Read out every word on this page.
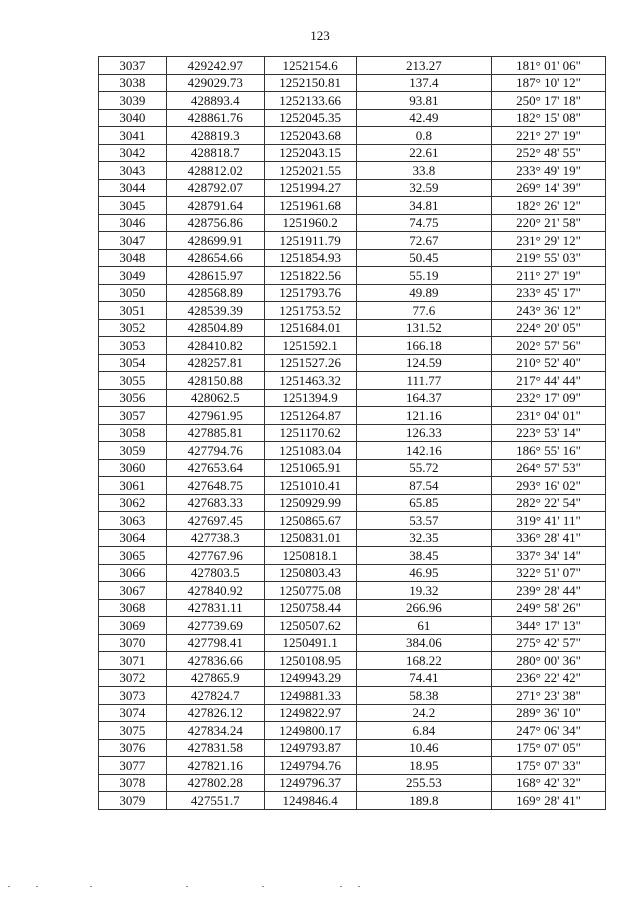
123
3037	429242.97	1252154.6	213.27	181° 01' 06"
3038	429029.73	1252150.81	137.4	187° 10' 12"
3039	428893.4	1252133.66	93.81	250° 17' 18"
3040	428861.76	1252045.35	42.49	182° 15' 08"
3041	428819.3	1252043.68	0.8	221° 27' 19"
3042	428818.7	1252043.15	22.61	252° 48' 55"
3043	428812.02	1252021.55	33.8	233° 49' 19"
3044	428792.07	1251994.27	32.59	269° 14' 39"
3045	428791.64	1251961.68	34.81	182° 26' 12"
3046	428756.86	1251960.2	74.75	220° 21' 58"
3047	428699.91	1251911.79	72.67	231° 29' 12"
3048	428654.66	1251854.93	50.45	219° 55' 03"
3049	428615.97	1251822.56	55.19	211° 27' 19"
3050	428568.89	1251793.76	49.89	233° 45' 17"
3051	428539.39	1251753.52	77.6	243° 36' 12"
3052	428504.89	1251684.01	131.52	224° 20' 05"
3053	428410.82	1251592.1	166.18	202° 57' 56"
3054	428257.81	1251527.26	124.59	210° 52' 40"
3055	428150.88	1251463.32	111.77	217° 44' 44"
3056	428062.5	1251394.9	164.37	232° 17' 09"
3057	427961.95	1251264.87	121.16	231° 04' 01"
3058	427885.81	1251170.62	126.33	223° 53' 14"
3059	427794.76	1251083.04	142.16	186° 55' 16"
3060	427653.64	1251065.91	55.72	264° 57' 53"
3061	427648.75	1251010.41	87.54	293° 16' 02"
3062	427683.33	1250929.99	65.85	282° 22' 54"
3063	427697.45	1250865.67	53.57	319° 41' 11"
3064	427738.3	1250831.01	32.35	336° 28' 41"
3065	427767.96	1250818.1	38.45	337° 34' 14"
3066	427803.5	1250803.43	46.95	322° 51' 07"
3067	427840.92	1250775.08	19.32	239° 28' 44"
3068	427831.11	1250758.44	266.96	249° 58' 26"
3069	427739.69	1250507.62	61	344° 17' 13"
3070	427798.41	1250491.1	384.06	275° 42' 57"
3071	427836.66	1250108.95	168.22	280° 00' 36"
3072	427865.9	1249943.29	74.41	236° 22' 42"
3073	427824.7	1249881.33	58.38	271° 23' 38"
3074	427826.12	1249822.97	24.2	289° 36' 10"
3075	427834.24	1249800.17	6.84	247° 06' 34"
3076	427831.58	1249793.87	10.46	175° 07' 05"
3077	427821.16	1249794.76	18.95	175° 07' 33"
3078	427802.28	1249796.37	255.53	168° 42' 32"
3079	427551.7	1249846.4	189.8	169° 28' 41"
